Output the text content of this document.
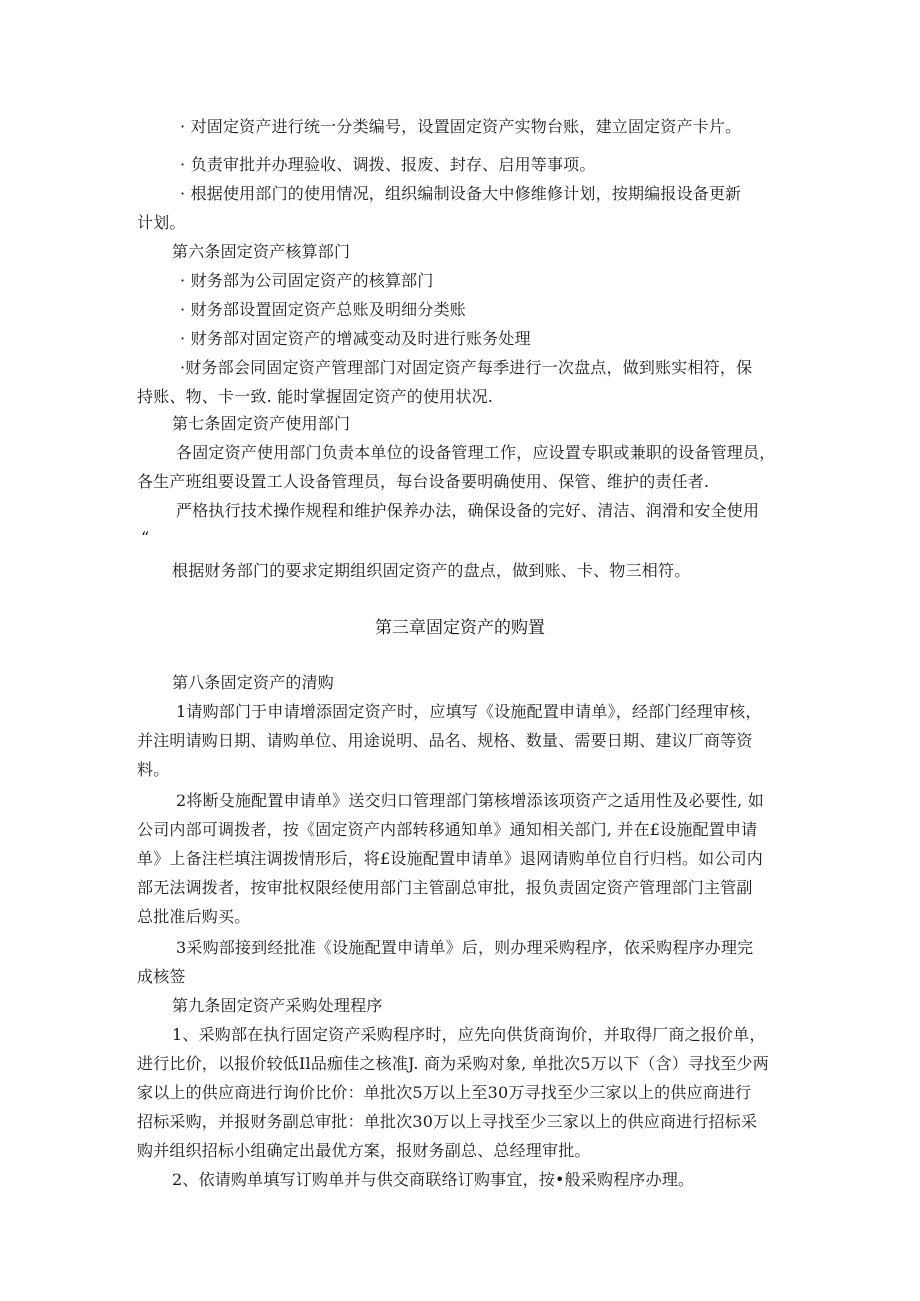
· 对固定资产进行统一分类编号，设置固定资产实物台账，建立固定资产卡片。
· 负责审批并办理验收、调拨、报废、封存、启用等事项。
· 根据使用部门的使用情况，组织编制设备大中修维修计划，按期编报设备更新
计划。
第六条固定资产核算部门
· 财务部为公司固定资产的核算部门
· 财务部设置固定资产总账及明细分类账
· 财务部对固定资产的增减变动及时进行账务处理
·财务部会同固定资产管理部门对固定资产每季进行一次盘点，做到账实相符，保
持账、物、卡一致. 能时掌握固定资产的使用状况.
第七条固定资产使用部门
各固定资产使用部门负责本单位的设备管理工作，应设置专职或兼职的设备管理员，
各生产班组要设置工人设备管理员，每台设备要明确使用、保管、维护的责任者.
严格执行技术操作规程和维护保养办法，确保设备的完好、清洁、润滑和安全使用
“
根据财务部门的要求定期组织固定资产的盘点，做到账、卡、物三相符。
第三章固定资产的购置
第八条固定资产的清购
1请购部门于申请增添固定资产时，应填写《设施配置申请单》，经部门经理审核，
并注明请购日期、请购单位、用途说明、品名、规格、数量、需要日期、建议厂商等资
料。
2将断殳施配置申请单》送交归口管理部门第核增添该项资产之适用性及必要性, 如
公司内部可调拨者，按《固定资产内部转移通知单》通知相关部门, 并在£设施配置申请
单》上备注栏填注调拨情形后，将£设施配置申请单》退网请购单位自行归档。如公司内
部无法调拨者，按审批权限经使用部门主管副总审批，报负责固定资产管理部门主管副
总批准后购买。
3采购部接到经批准《设施配置申请单》后，则办理采购程序，依采购程序办理完
成核签
第九条固定资产采购处理程序
1、采购部在执行固定资产采购程序时，应先向供货商询价，并取得厂商之报价单，
进行比价，以报价较低Il品痂佳之核准J. 商为采购对象, 单批次5万以下（含）寻找至少两
家以上的供应商进行询价比价：单批次5万以上至30万寻找至少三家以上的供应商进行
招标采购，并报财务副总审批：单批次30万以上寻找至少三家以上的供应商进行招标采
购并组织招标小组确定出最优方案，报财务副总、总经理审批。
2、依请购单填写订购单并与供交商联络订购事宜，按•般采购程序办理。
